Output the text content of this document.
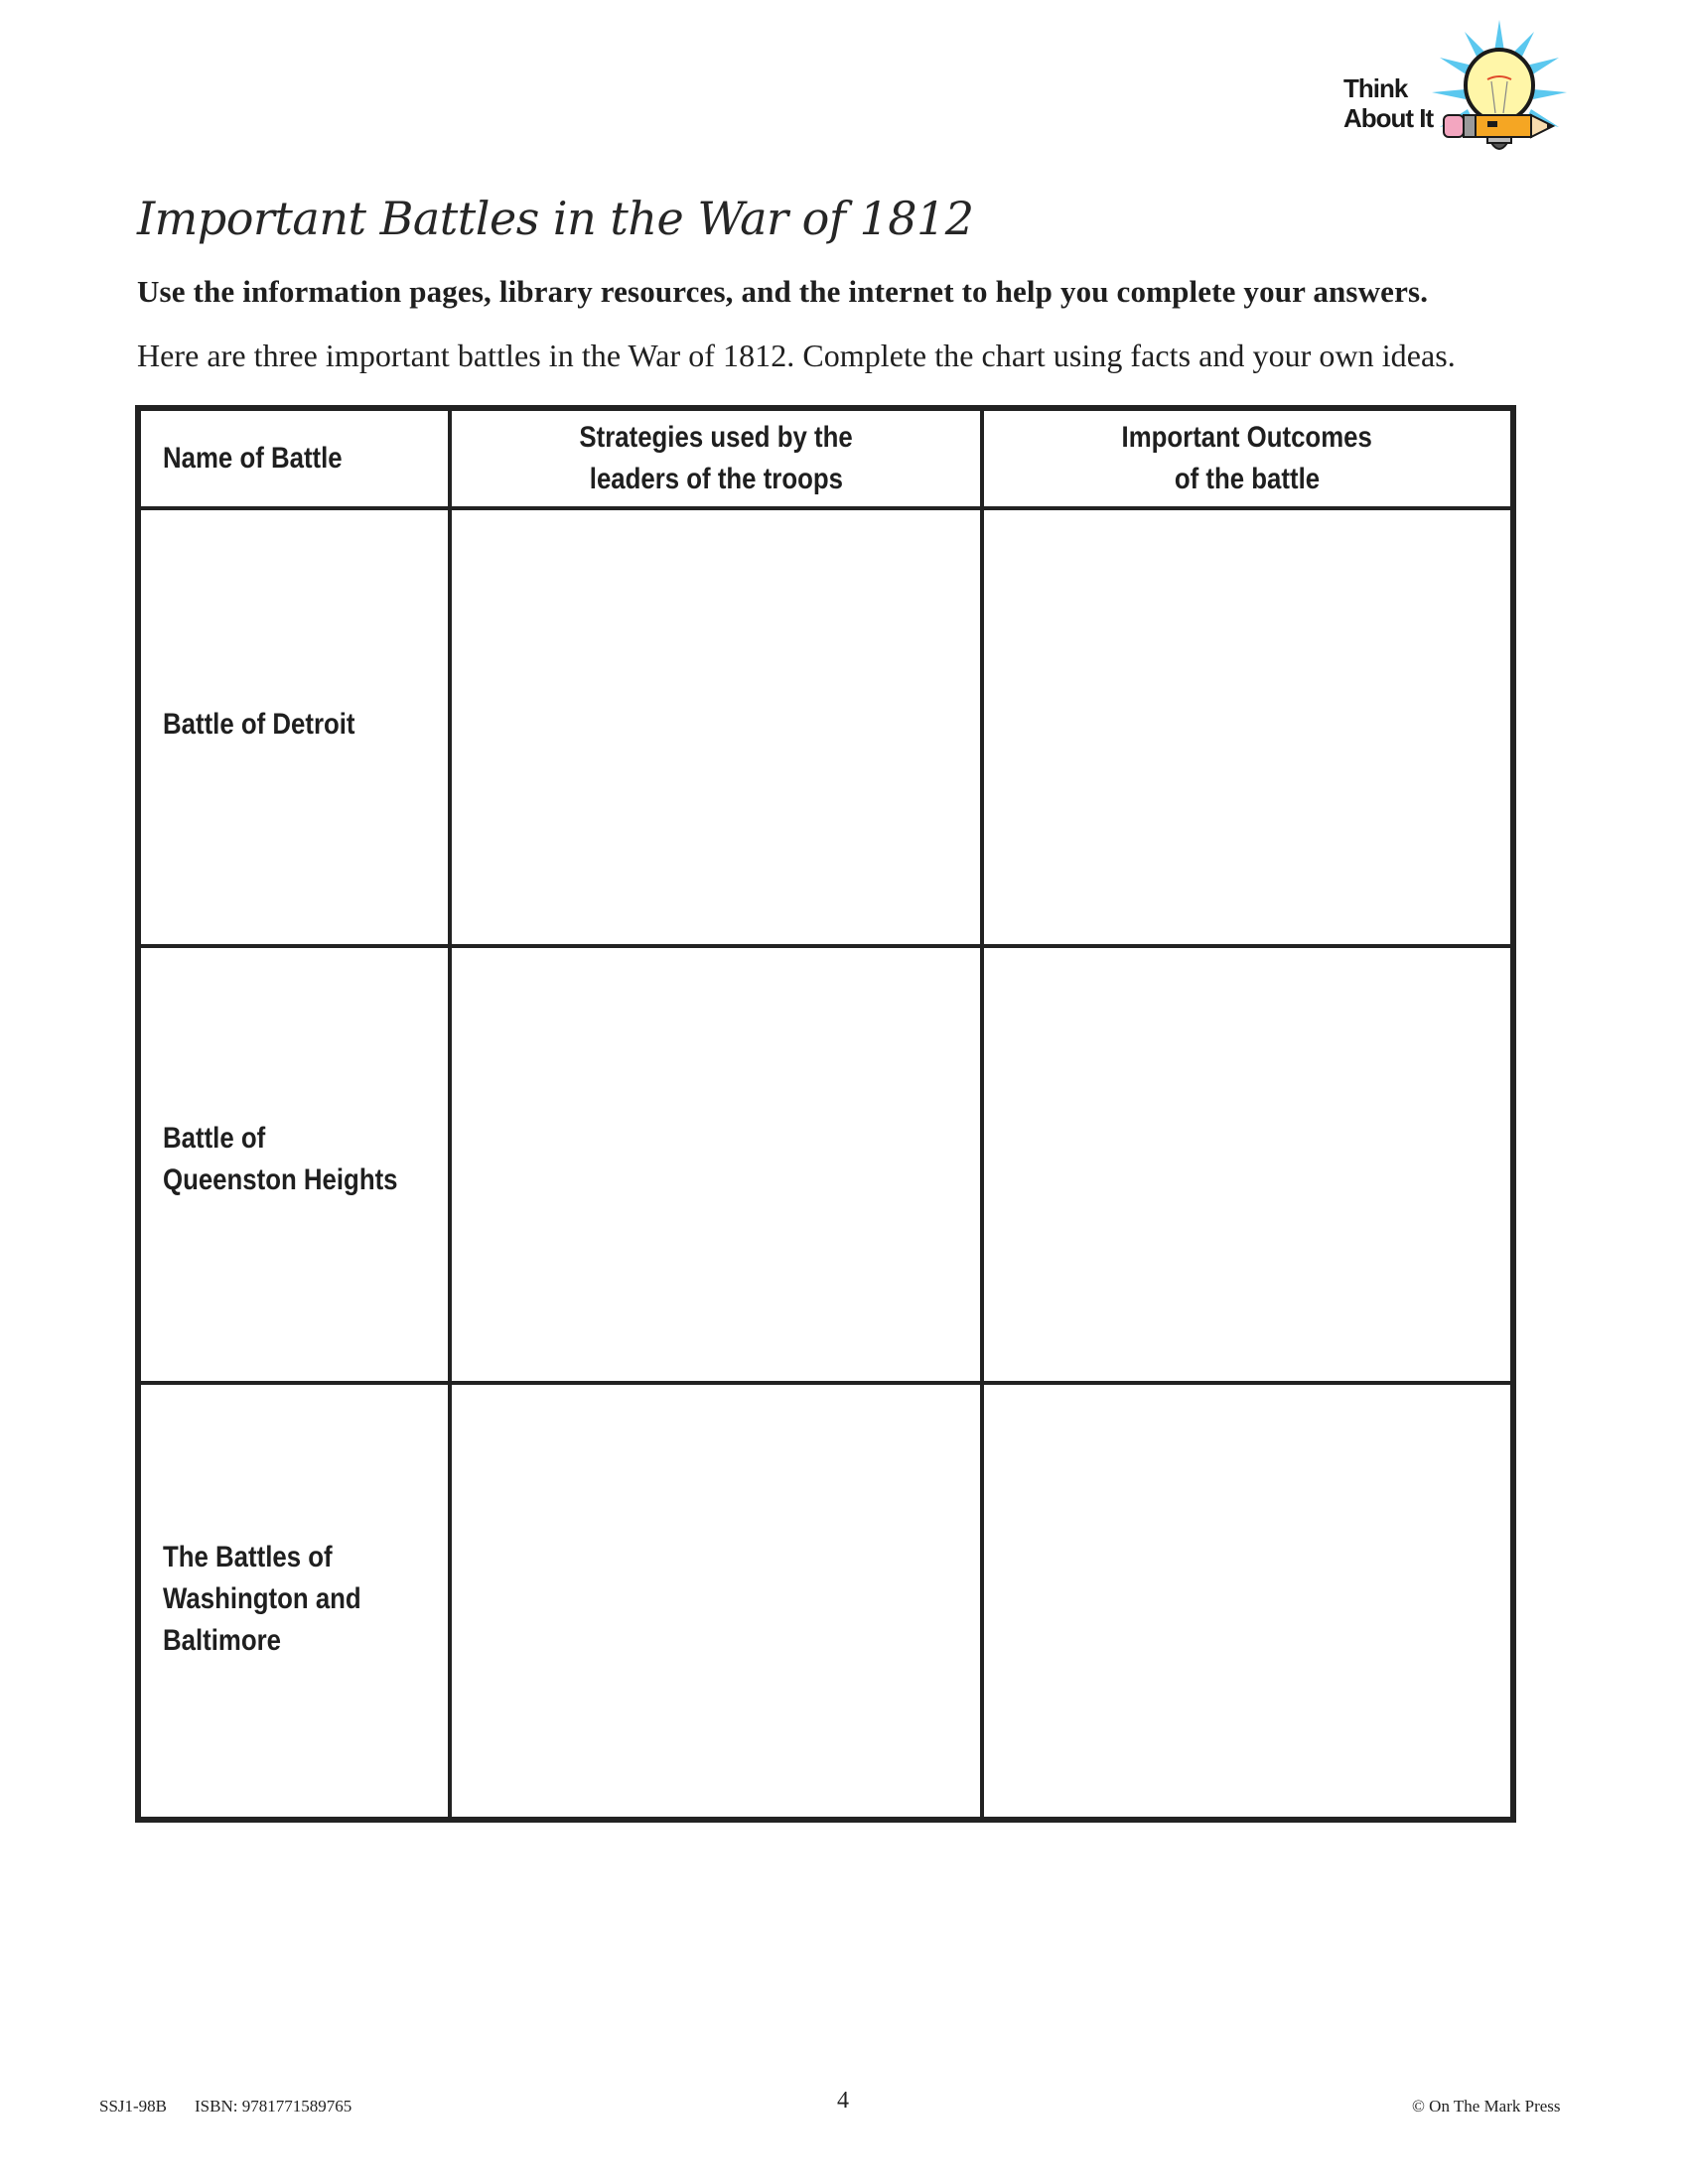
Think
About It
Important Battles in the War of 1812
Use the information pages, library resources, and the internet to help you complete your answers.
Here are three important battles in the War of 1812. Complete the chart using facts and your own ideas.
Name of Battle
Strategies used by the
leaders of the troops
Important Outcomes
of the battle
Battle of Detroit
Battle of
Queenston Heights
The Battles of
Washington and
Baltimore
SSJ1-98B ISBN: 9781771589765	4	© On The Mark Press
